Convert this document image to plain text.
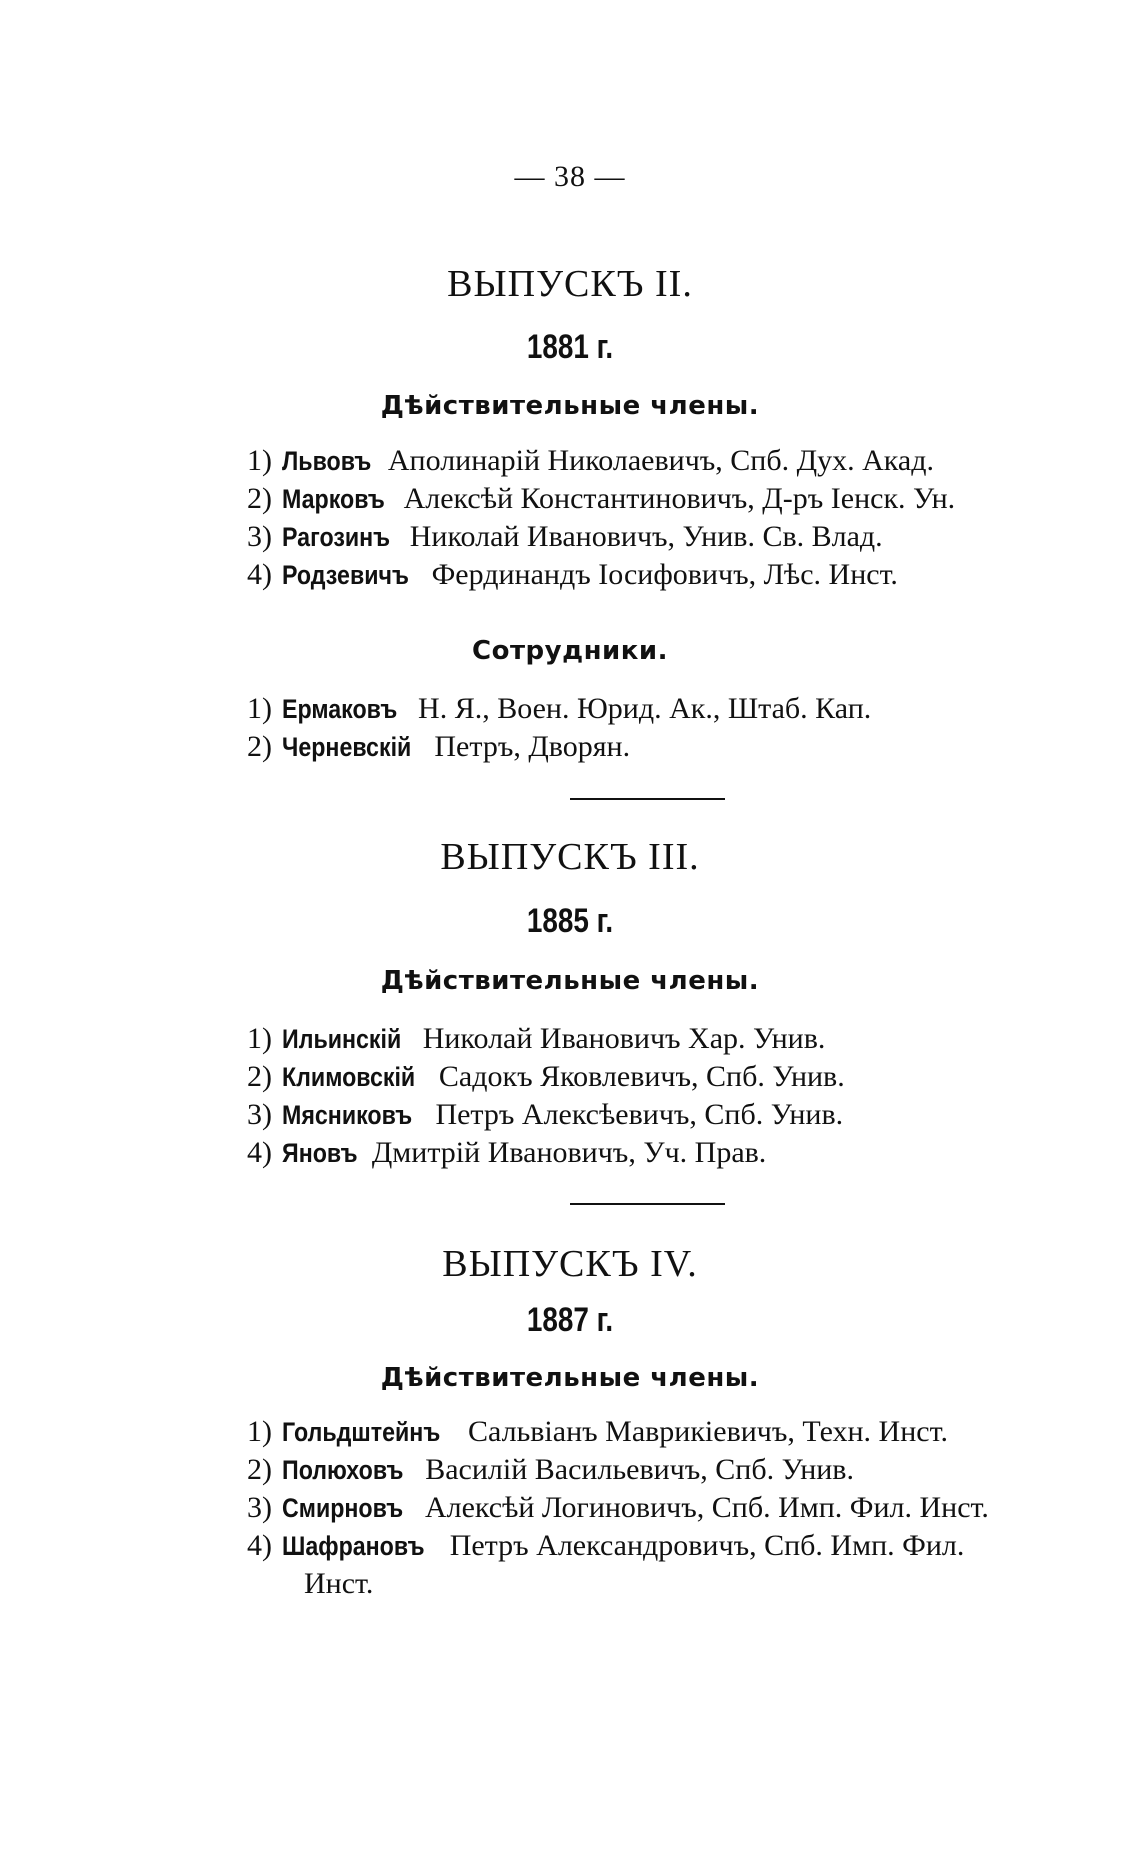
— 38 —
ВЫПУСКЪ II.
1881 г.
Дѣйствительные члены.
1) Львовъ Аполинарій Николаевичъ, Спб. Дух. Акад.
2) Марковъ Алексѣй Константиновичъ, Д-ръ Іенск. Ун.
3) Рагозинъ Николай Ивановичъ, Унив. Св. Влад.
4) Родзевичъ Фердинандъ Іосифовичъ, Лѣс. Инст.
Сотрудники.
1) Ермаковъ Н. Я., Воен. Юрид. Ак., Штаб. Кап.
2) Черневскій Петръ, Дворян.
ВЫПУСКЪ III.
1885 г.
Дѣйствительные члены.
1) Ильинскій Николай Ивановичъ Хар. Унив.
2) Климовскій Садокъ Яковлевичъ, Спб. Унив.
3) Мясниковъ Петръ Алексѣевичъ, Спб. Унив.
4) Яновъ Дмитрій Ивановичъ, Уч. Прав.
ВЫПУСКЪ IV.
1887 г.
Дѣйствительные члены.
1) Гольдштейнъ Сальвіанъ Маврикіевичъ, Техн. Инст.
2) Полюховъ Василій Васильевичъ, Спб. Унив.
3) Смирновъ Алексѣй Логиновичъ, Спб. Имп. Фил. Инст.
4) Шафрановъ Петръ Александровичъ, Спб. Имп. Фил.
Инст.
